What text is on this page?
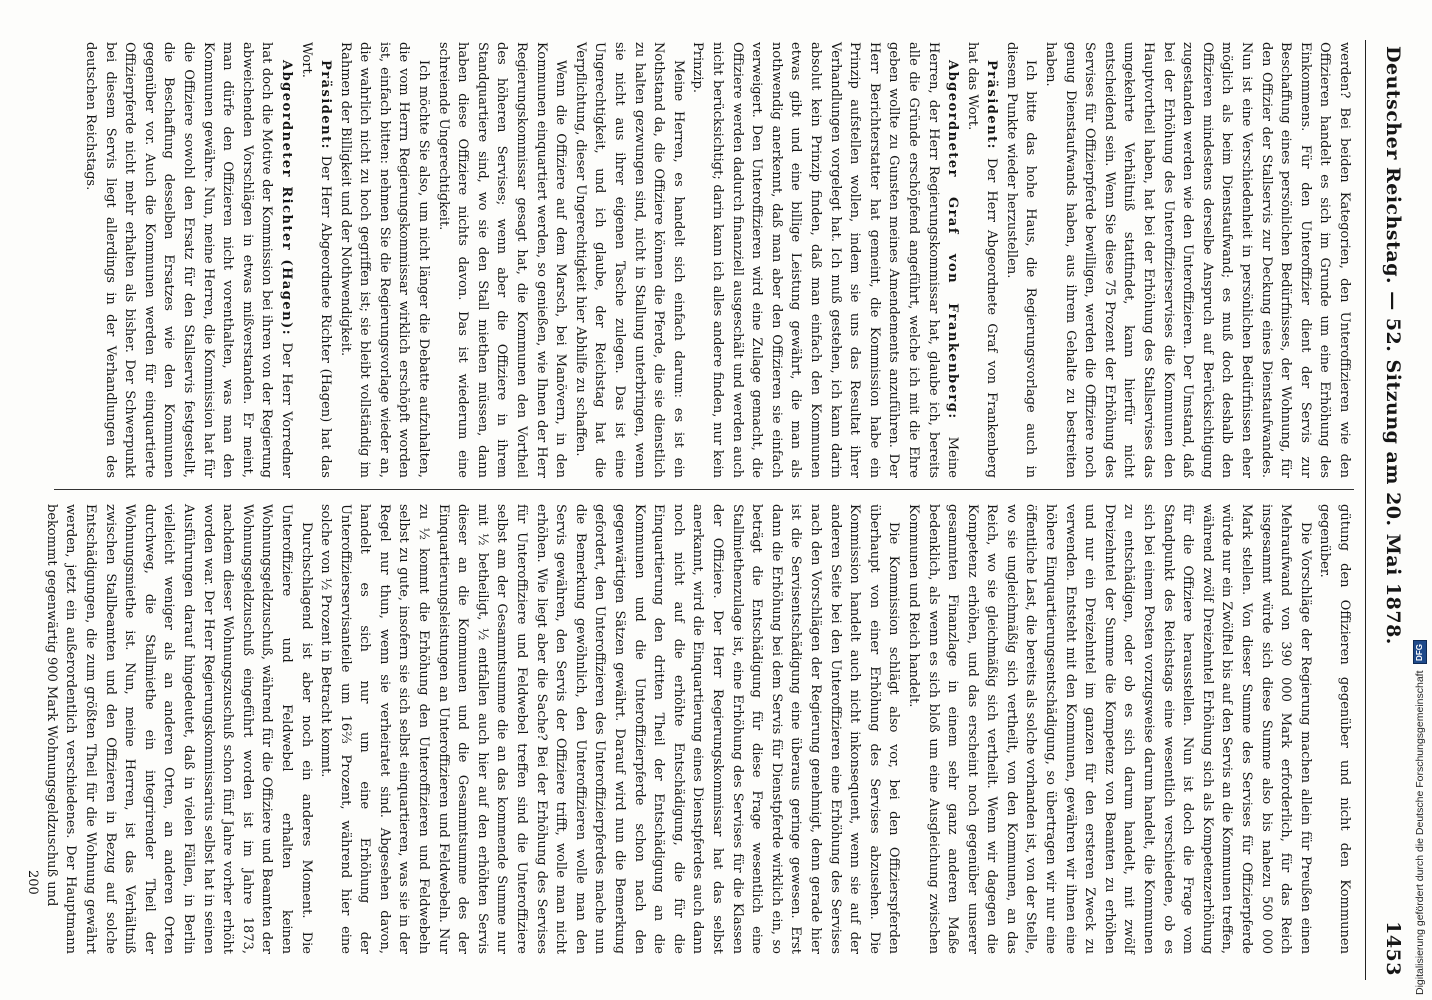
Deutscher Reichstag. — 52. Sitzung am 20. Mai 1878.
1453

werden? Bei beiden Kategorien, den Unteroffizieren wie den Offizieren handelt es sich im Grunde um eine Erhöhung des Einkommens. Für den Unteroffizier dient der Servis zur Beschaffung eines persönlichen Bedürfnisses, der Wohnung, für den Offizier der Stallservis zur Deckung eines Dienstaufwandes. Nun ist eine Verschiedenheit in persönlichen Bedürfnissen eher möglich als beim Dienstaufwand; es muß doch deshalb den Offizieren mindestens derselbe Anspruch auf Berücksichtigung zugestanden werden wie den Unteroffizieren. Der Umstand, daß bei der Erhöhung des Unteroffizierservises die Kommunen den Hauptvortheil haben, hat bei der Erhöhung des Stallservises das umgekehrte Verhältniß stattfindet, kann hierfür nicht entscheidend sein. Wenn Sie diese 75 Prozent der Erhöhung des Servises für Offizierpferde bewilligen, werden die Offiziere noch genug Dienstaufwands haben, aus ihrem Gehalte zu bestreiten haben.

Ich bitte das hohe Haus, die Regierungsvorlage auch in diesem Punkte wieder herzustellen.

Präsident: Der Herr Abgeordnete Graf von Frankenberg hat das Wort.

Abgeordneter Graf von Frankenberg: Meine Herren, der Herr Regierungskommissar hat, glaube ich, bereits alle die Gründe erschöpfend angeführt, welche ich mit die Ehre geben wollte zu Gunsten meines Amendements anzuführen. Der Herr Berichterstatter hat gemeint, die Kommission habe ein Prinzip aufstellen wollen, indem sie uns das Resultat ihrer Verhandlungen vorgelegt hat. Ich muß gestehen, ich kann darin absolut kein Prinzip finden, daß man einfach den Kommunen etwas gibt und eine billige Leistung gewährt, die man als nothwendig anerkennt, daß man aber den Offizieren sie einfach verweigert. Den Unteroffizieren wird eine Zulage gemacht, die Offiziere werden dadurch finanziell ausgeschält und werden auch nicht berücksichtigt; darin kann ich alles andere finden, nur kein Prinzip.

Meine Herren, es handelt sich einfach darum: es ist ein Nothstand da, die Offiziere können die Pferde, die sie dienstlich zu halten gezwungen sind, nicht in Stallung unterbringen, wenn sie nicht aus ihrer eigenen Tasche zulegen. Das ist eine Ungerechtigkeit, und ich glaube, der Reichstag hat die Verpflichtung, dieser Ungerechtigkeit hier Abhilfe zu schaffen.

Wenn die Offiziere auf dem Marsch, bei Manövern, in den Kommunen einquartiert werden, so genießen, wie Ihnen der Herr Regierungskommissar gesagt hat, die Kommunen den Vortheil des höheren Servises; wenn aber die Offiziere in ihrem Standquartiere sind, wo sie den Stall miethen müssen, dann haben diese Offiziere nichts davon. Das ist wiederum eine schreiende Ungerechtigkeit.

Ich möchte Sie also, um nicht länger die Debatte aufzuhalten, die vom Herrn Regierungskommissar wirklich erschöpft worden ist, einfach bitten: nehmen Sie die Regierungsvorlage wieder an, die wahrlich nicht zu hoch gegriffen ist; sie bleibt vollständig im Rahmen der Billigkeit und der Nothwendigkeit.

Präsident: Der Herr Abgeordnete Richter (Hagen) hat das Wort.

Abgeordneter Richter (Hagen): Der Herr Vorredner hat doch die Motive der Kommission bei ihren von der Regierung abweichenden Vorschlägen in etwas mißverstanden. Er meint, man dürfe den Offizieren nicht vorenthalten, was man den Kommunen gewähre. Nun, meine Herren, die Kommission hat für die Offiziere sowohl den Ersatz für den Stallservis festgestellt, die Beschaffung desselben Ersatzes wie den Kommunen gegenüber vor. Auch die Kommunen werden für einquartierte Offizierpferde nicht mehr erhalten als bisher. Der Schwerpunkt bei diesem Servis liegt allerdings in der Verhandlungen des deutschen Reichstags.

gütung den Offizieren gegenüber und nicht den Kommunen gegenüber.

Die Vorschläge der Regierung machen allein für Preußen einen Mehraufwand von 390 000 Mark erforderlich, für das Reich insgesammt würde sich diese Summe also bis nahezu 500 000 Mark stellen. Von dieser Summe des Servises für Offizierpferde würde nur ein Zwölftel bis auf den Servis an die Kommunen treffen, während zwölf Dreizehntel Erhöhung sich als Kompetenzerhöhung für die Offiziere herausstellen. Nun ist doch die Frage vom Standpunkt des Reichstags eine wesentlich verschiedene, ob es sich bei einem Posten vorzugsweise darum handelt, die Kommunen zu entschädigen, oder ob es sich darum handelt, mit zwölf Dreizehntel der Summe die Kompetenz von Beamten zu erhöhen und nur ein Dreizehntel im ganzen für den ersteren Zweck zu verwenden. Entsteht mit den Kommunen, gewähren wir ihnen eine höhere Einquartierungsentschädigung, so übertragen wir nur eine öffentliche Last, die bereits als solche vorhanden ist, von der Stelle, wo sie ungleichmäßig sich vertheilt, von den Kommunen, an das Reich, wo sie gleichmäßig sich vertheilt. Wenn wir dagegen die Kompetenz erhöhen, und das erscheint noch gegenüber unserer gesammten Finanzlage in einem sehr ganz anderen Maße bedenklich, als wenn es sich bloß um eine Ausgleichung zwischen Kommunen und Reich handelt.

Die Kommission schlägt also vor, bei den Offizierspferden überhaupt von einer Erhöhung des Servises abzusehen. Die Kommission handelt auch nicht inkonsequent, wenn sie auf der anderen Seite bei den Unteroffizieren eine Erhöhung des Servises nach den Vorschlägen der Regierung genehmigt, denn gerade hier ist die Servisentschädigung eine überaus geringe gewesen. Erst dann die Erhöhung bei dem Servis für Dienstpferde wirklich ein, so beträgt die Entschädigung für diese Frage wesentlich eine Stallmiethenzulage ist, eine Erhöhung des Servises für die Klassen der Offiziere. Der Herr Regierungskommissar hat das selbst anerkannt, wird die Einquartierung eines Dienstpferdes auch dann noch nicht auf die erhöhte Entschädigung, die für die Einquartierung den dritten Theil der Entschädigung an die Kommunen und die Unteroffizierpferde schon nach den gegenwärtigen Sätzen gewährt. Darauf wird nun die Bemerkung gefordert, den Unteroffizieren des Unteroffizierpferdes mache nun die Bemerkung gewöhnlich, den Unteroffizieren wolle man den Servis gewähren, den Servis der Offiziere trifft, wolle man nicht erhöhen. Wie liegt aber die Sache? Bei der Erhöhung des Servises für Unteroffiziere und Feldwebel treffen sind die Unteroffiziere selbst am der Gesammtsumme die an das kommende Summe nur mit ½ betheiligt, ½ entfallen auch hier auf den erhöhten Servis dieser an die Kommunen und die Gesammtsumme des der Einquartierungsleistungen an Unteroffizieren und Feldwebeln. Nur zu ½ kommt die Erhöhung den Unteroffizieren und Feldwebeln selbst zu gute, insofern sie sich selbst einquartieren, was sie in der Regel nur thun, wenn sie verheiratet sind. Abgesehen davon, handelt es sich nur um eine Erhöhung der Unteroffizierservisanteile um 16⅔ Prozent, während hier eine solche von ½ Prozent in Betracht kommt.

Durchschlagend ist aber noch ein anderes Moment. Die Unteroffiziere und Feldwebel erhalten keinen Wohnungsgeldzuschuß, während für die Offiziere und Beamten der Wohnungsgeldzuschuß eingeführt worden ist im Jahre 1873, nachdem dieser Wohnungszuschuß schon fünf Jahre vorher erhöht worden war. Der Herr Regierungskommissarius selbst hat in seinen Ausführungen darauf hingedeutet, daß in vielen Fällen, in Berlin vielleicht weniger als an anderen Orten, an anderen Orten durchweg, die Stallmiethe ein integrirender Theil der Wohnungsmiethe ist. Nun, meine Herren, ist das Verhältniß zwischen Stallbeamten und den Offizieren in Bezug auf solche Entschädigungen, die zum größten Theil für die Wohnung gewährt werden, jetzt ein außerordentlich verschiedenes. Der Hauptmann bekommt gegenwärtig 900 Mark Wohnungsgeldzuschuß und

200	Digitalisierung gefördert durch die Deutsche Forschungsgemeinschaft
DFG
